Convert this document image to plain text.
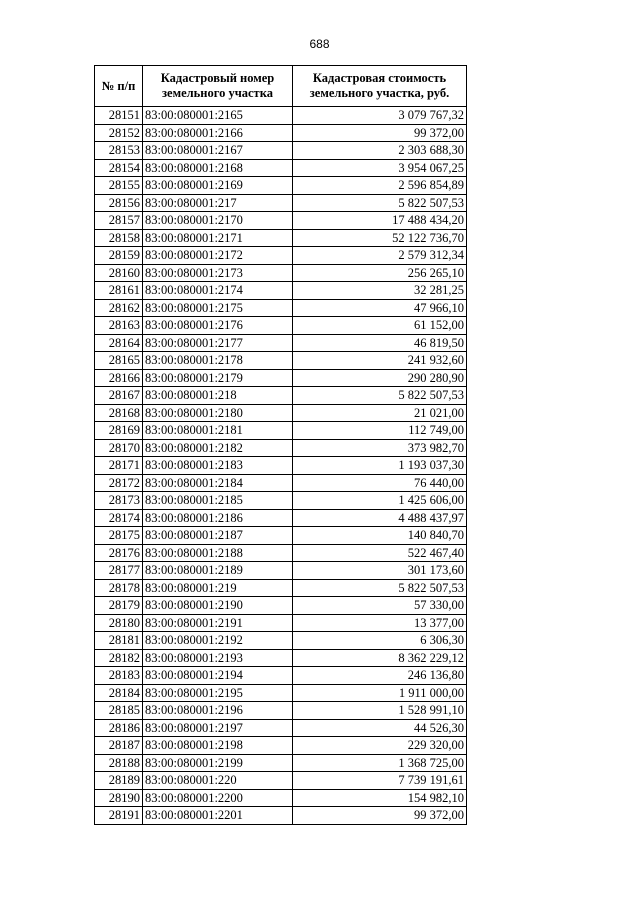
688
№ п/п	Кадастровый номер земельного участка	Кадастровая стоимость земельного участка, руб.
28151	83:00:080001:2165	3 079 767,32
28152	83:00:080001:2166	99 372,00
28153	83:00:080001:2167	2 303 688,30
28154	83:00:080001:2168	3 954 067,25
28155	83:00:080001:2169	2 596 854,89
28156	83:00:080001:217	5 822 507,53
28157	83:00:080001:2170	17 488 434,20
28158	83:00:080001:2171	52 122 736,70
28159	83:00:080001:2172	2 579 312,34
28160	83:00:080001:2173	256 265,10
28161	83:00:080001:2174	32 281,25
28162	83:00:080001:2175	47 966,10
28163	83:00:080001:2176	61 152,00
28164	83:00:080001:2177	46 819,50
28165	83:00:080001:2178	241 932,60
28166	83:00:080001:2179	290 280,90
28167	83:00:080001:218	5 822 507,53
28168	83:00:080001:2180	21 021,00
28169	83:00:080001:2181	112 749,00
28170	83:00:080001:2182	373 982,70
28171	83:00:080001:2183	1 193 037,30
28172	83:00:080001:2184	76 440,00
28173	83:00:080001:2185	1 425 606,00
28174	83:00:080001:2186	4 488 437,97
28175	83:00:080001:2187	140 840,70
28176	83:00:080001:2188	522 467,40
28177	83:00:080001:2189	301 173,60
28178	83:00:080001:219	5 822 507,53
28179	83:00:080001:2190	57 330,00
28180	83:00:080001:2191	13 377,00
28181	83:00:080001:2192	6 306,30
28182	83:00:080001:2193	8 362 229,12
28183	83:00:080001:2194	246 136,80
28184	83:00:080001:2195	1 911 000,00
28185	83:00:080001:2196	1 528 991,10
28186	83:00:080001:2197	44 526,30
28187	83:00:080001:2198	229 320,00
28188	83:00:080001:2199	1 368 725,00
28189	83:00:080001:220	7 739 191,61
28190	83:00:080001:2200	154 982,10
28191	83:00:080001:2201	99 372,00
